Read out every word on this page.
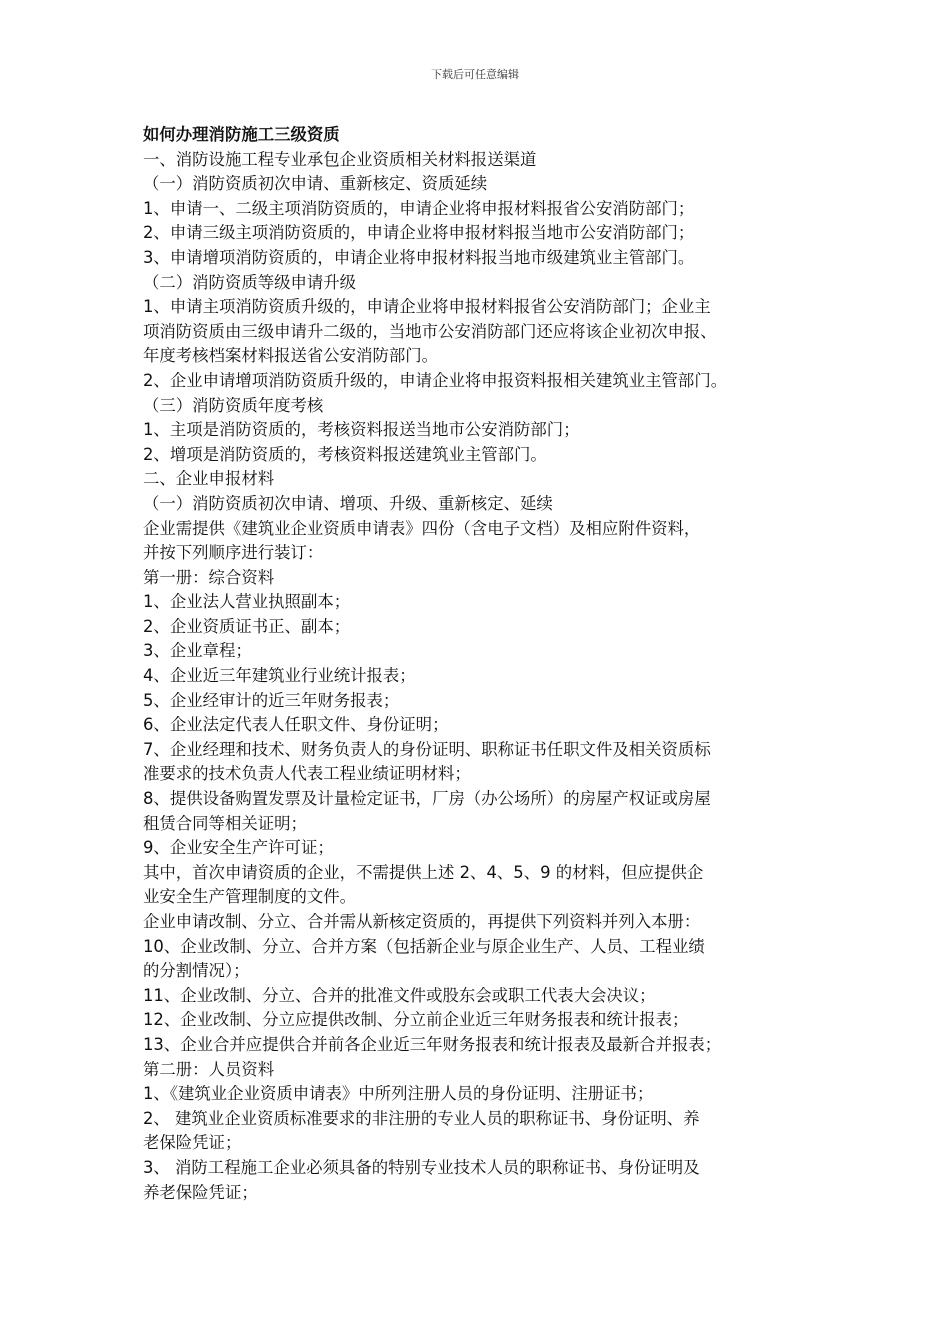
下载后可任意编辑
如何办理消防施工三级资质
一、消防设施工程专业承包企业资质相关材料报送渠道
（一）消防资质初次申请、重新核定、资质延续
1、申请一、二级主项消防资质的，申请企业将申报材料报省公安消防部门；
2、申请三级主项消防资质的，申请企业将申报材料报当地市公安消防部门；
3、申请增项消防资质的，申请企业将申报材料报当地市级建筑业主管部门。
（二）消防资质等级申请升级
1、申请主项消防资质升级的，申请企业将申报材料报省公安消防部门；企业主
项消防资质由三级申请升二级的，当地市公安消防部门还应将该企业初次申报、
年度考核档案材料报送省公安消防部门。
2、企业申请增项消防资质升级的，申请企业将申报资料报相关建筑业主管部门。
（三）消防资质年度考核
1、主项是消防资质的，考核资料报送当地市公安消防部门；
2、增项是消防资质的，考核资料报送建筑业主管部门。
二、企业申报材料
（一）消防资质初次申请、增项、升级、重新核定、延续
企业需提供《建筑业企业资质申请表》四份（含电子文档）及相应附件资料，
并按下列顺序进行装订：
第一册：综合资料
1、企业法人营业执照副本；
2、企业资质证书正、副本；
3、企业章程；
4、企业近三年建筑业行业统计报表；
5、企业经审计的近三年财务报表；
6、企业法定代表人任职文件、身份证明；
7、企业经理和技术、财务负责人的身份证明、职称证书任职文件及相关资质标
准要求的技术负责人代表工程业绩证明材料；
8、提供设备购置发票及计量检定证书，厂房（办公场所）的房屋产权证或房屋
租赁合同等相关证明；
9、企业安全生产许可证；
其中，首次申请资质的企业，不需提供上述 2、4、5、9 的材料，但应提供企
业安全生产管理制度的文件。
企业申请改制、分立、合并需从新核定资质的，再提供下列资料并列入本册：
10、企业改制、分立、合并方案（包括新企业与原企业生产、人员、工程业绩
的分割情况）；
11、企业改制、分立、合并的批准文件或股东会或职工代表大会决议；
12、企业改制、分立应提供改制、分立前企业近三年财务报表和统计报表；
13、企业合并应提供合并前各企业近三年财务报表和统计报表及最新合并报表；
第二册：人员资料
1、《建筑业企业资质申请表》中所列注册人员的身份证明、注册证书；
2、 建筑业企业资质标准要求的非注册的专业人员的职称证书、身份证明、养
老保险凭证；
3、 消防工程施工企业必须具备的特别专业技术人员的职称证书、身份证明及
养老保险凭证；
